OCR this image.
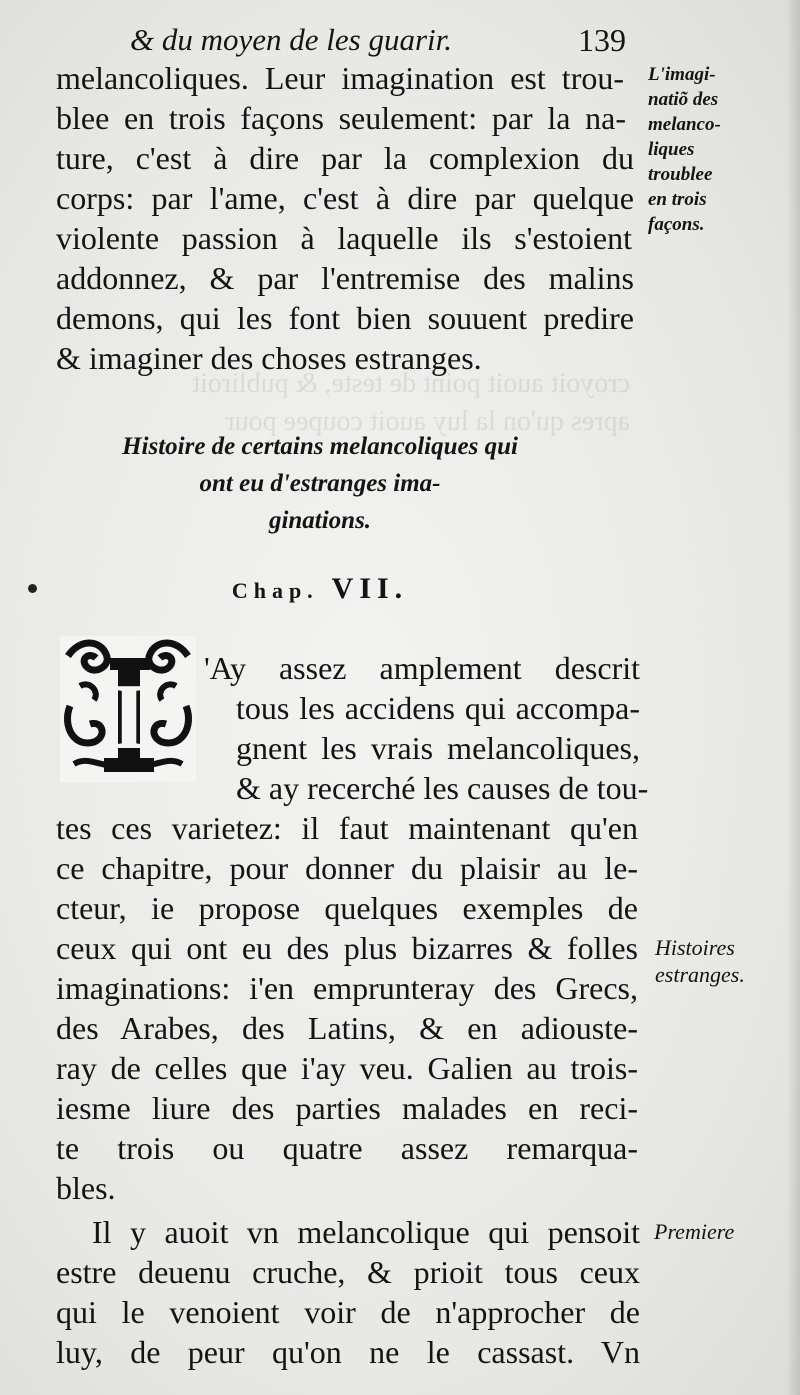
croyoit auoit point de teste, & publiroit
apres qu'on la luy auoit coupee pour
& du moyen de les guarir.	139
melancoliques. Leur imagination est trou-
blee en trois façons seulement: par la na-
ture, c'est à dire par la complexion du
corps: par l'ame, c'est à dire par quelque
violente passion à laquelle ils s'estoient
addonnez, & par l'entremise des malins
demons, qui les font bien souuent predire
& imaginer des choses estranges.
L'imagi-
natiõ des
melanco-
liques
troublee
en trois
façons.
Histoire de certains melancoliques qui
ont eu d'estranges ima-
ginations.
Chap. VII.
I 'Ay assez amplement descrit
tous les accidens qui accompa-
gnent les vrais melancoliques,
& ay recerché les causes de tou-
tes ces varietez: il faut maintenant qu'en
ce chapitre, pour donner du plaisir au le-
cteur, ie propose quelques exemples de
ceux qui ont eu des plus bizarres & folles
imaginations: i'en emprunteray des Grecs,
des Arabes, des Latins, & en adiouste-
ray de celles que i'ay veu. Galien au trois-
iesme liure des parties malades en reci-
te trois ou quatre assez remarqua-
bles.
Histoires
estranges.
Il y auoit vn melancolique qui pensoit
estre deuenu cruche, & prioit tous ceux
qui le venoient voir de n'approcher de
luy, de peur qu'on ne le cassast. Vn
Premiere
